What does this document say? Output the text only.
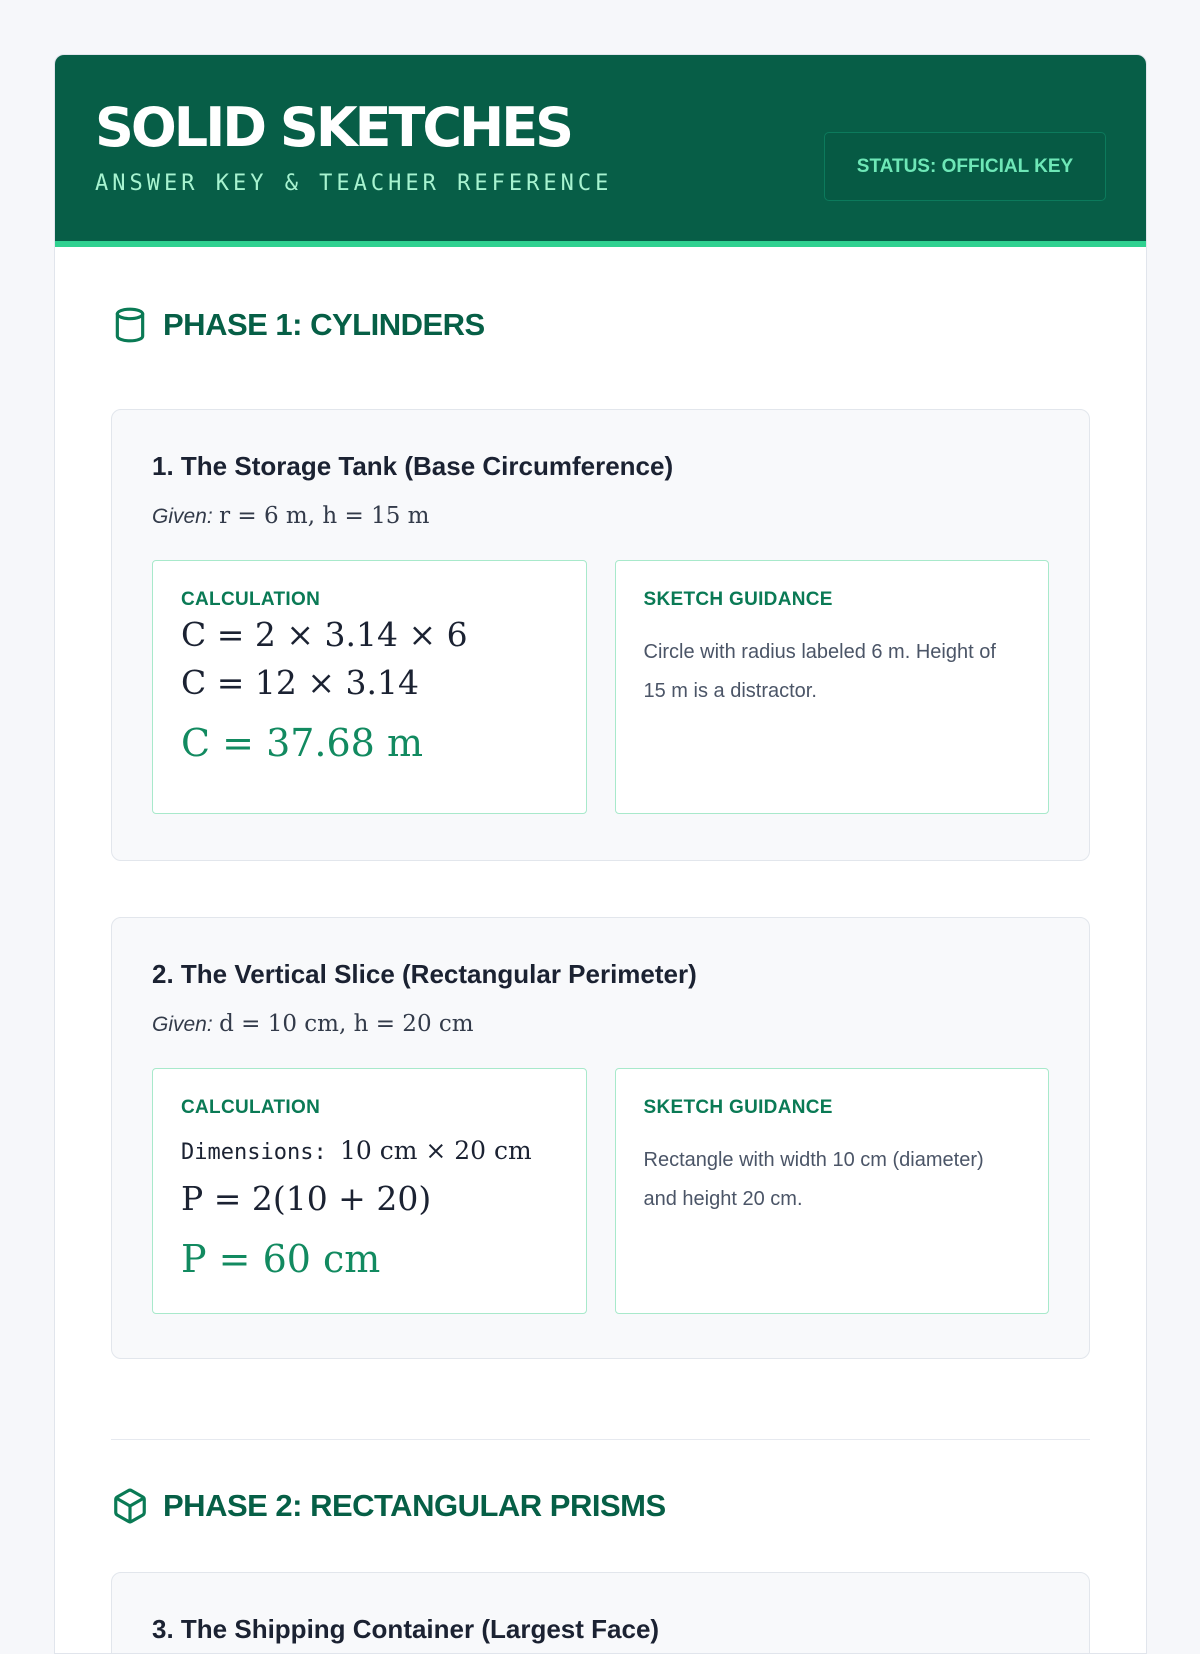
SOLID SKETCHES
ANSWER KEY & TEACHER REFERENCE
STATUS: OFFICIAL KEY
PHASE 1: CYLINDERS
1. The Storage Tank (Base Circumference)
Given: r = 6 m, h = 15 m
CALCULATION
C = 2 × 3.14 × 6
C = 12 × 3.14
C = 37.68 m
SKETCH GUIDANCE
Circle with radius labeled 6 m. Height of 15 m is a distractor.
2. The Vertical Slice (Rectangular Perimeter)
Given: d = 10 cm, h = 20 cm
CALCULATION
Dimensions: 10 cm × 20 cm
P = 2(10 + 20)
P = 60 cm
SKETCH GUIDANCE
Rectangle with width 10 cm (diameter) and height 20 cm.
PHASE 2: RECTANGULAR PRISMS
3. The Shipping Container (Largest Face)
